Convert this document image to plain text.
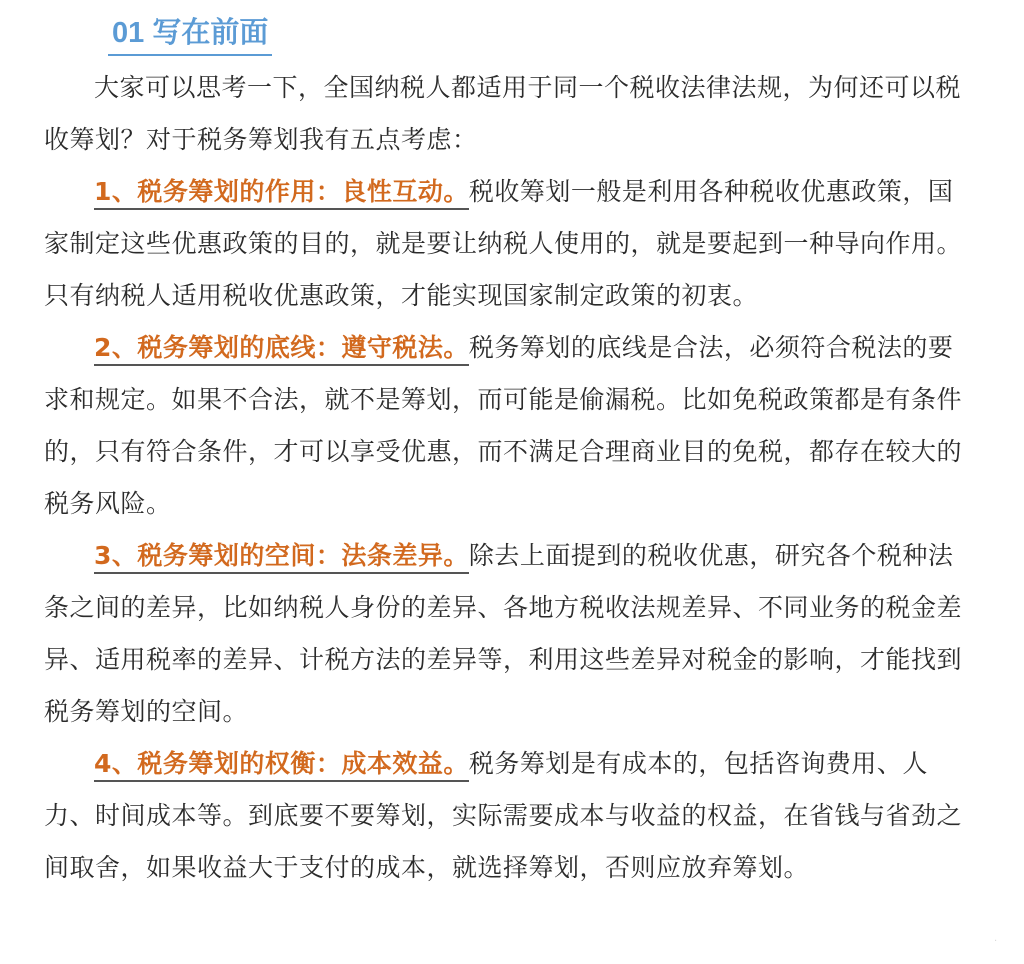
01 写在前面

大家可以思考一下，全国纳税人都适用于同一个税收法律法规，为何还可以税收筹划？对于税务筹划我有五点考虑：

1、税务筹划的作用：良性互动。税收筹划一般是利用各种税收优惠政策，国家制定这些优惠政策的目的，就是要让纳税人使用的，就是要起到一种导向作用。只有纳税人适用税收优惠政策，才能实现国家制定政策的初衷。

2、税务筹划的底线：遵守税法。税务筹划的底线是合法，必须符合税法的要求和规定。如果不合法，就不是筹划，而可能是偷漏税。比如免税政策都是有条件的，只有符合条件，才可以享受优惠，而不满足合理商业目的免税，都存在较大的税务风险。

3、税务筹划的空间：法条差异。除去上面提到的税收优惠，研究各个税种法条之间的差异，比如纳税人身份的差异、各地方税收法规差异、不同业务的税金差异、适用税率的差异、计税方法的差异等，利用这些差异对税金的影响，才能找到税务筹划的空间。

4、税务筹划的权衡：成本效益。税务筹划是有成本的，包括咨询费用、人力、时间成本等。到底要不要筹划，实际需要成本与收益的权益，在省钱与省劲之间取舍，如果收益大于支付的成本，就选择筹划，否则应放弃筹划。

·
